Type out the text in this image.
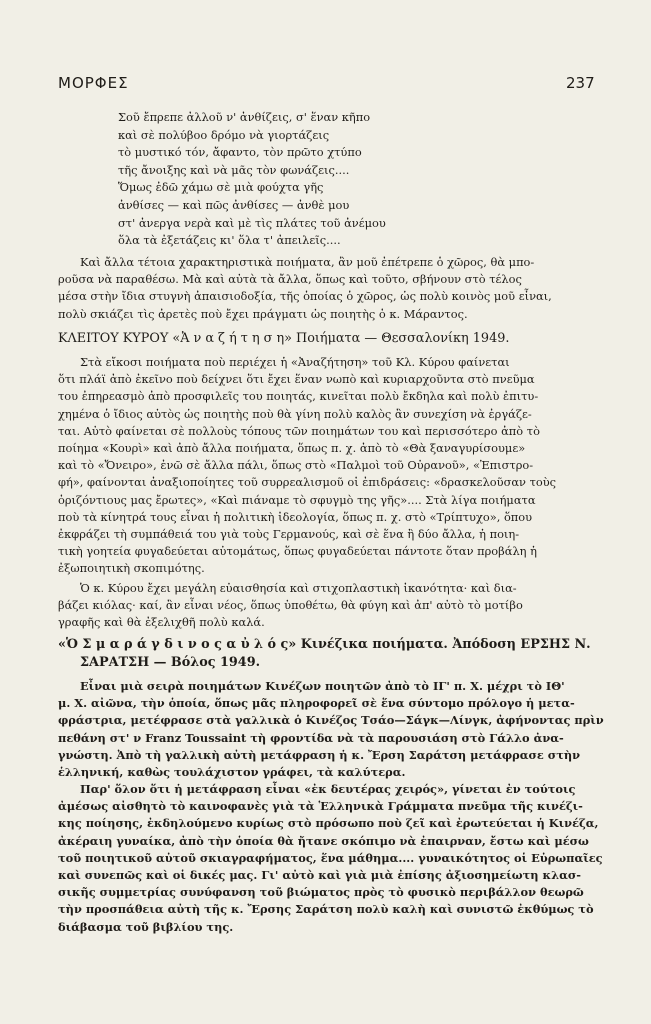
ΜΟΡΦΕΣ	237
Σοῦ ἔπρεπε ἀλλοῦ ν' ἀνθίζεις, σ' ἕναν κῆπο
καὶ σὲ πολύβοο δρόμο νὰ γιορτάζεις
τὸ μυστικό τόν, ἄφαντο, τὸν πρῶτο χτύπο
τῆς ἄνοιξης καὶ νὰ μᾶς τὸν φωνάζεις....
Ὅμως ἐδῶ χάμω σὲ μιὰ φούχτα γῆς
ἀνθίσες — καὶ πῶς ἀνθίσες — ἀνθὲ μου
στ' ἀνεργα νερὰ καὶ μὲ τὶς πλάτες τοῦ ἀνέμου
ὅλα τὰ ἐξετάζεις κι' ὅλα τ' ἀπειλεῖς....
Καὶ ἄλλα τέτοια χαρακτηριστικὰ ποιήματα, ἂν μοῦ ἐπέτρεπε ὁ χῶρος, θὰ μπο-
ροῦσα νὰ παραθέσω. Μὰ καὶ αὐτὰ τὰ ἄλλα, ὅπως καὶ τοῦτο, σβήνουν στὸ τέλος
μέσα στὴν ἴδια στυγνὴ ἀπαισιοδοξία, τῆς ὁποίας ὁ χῶρος, ὡς πολὺ κοινὸς μοῦ εἶναι,
πολὺ σκιάζει τὶς ἀρετὲς ποὺ ἔχει πράγματι ὡς ποιητὴς ὁ κ. Μάραντος.
ΚΛΕΙΤΟΥ ΚΥΡΟΥ «Ἀ ν α ζ ή τ η σ η» Ποιήματα — Θεσσαλονίκη 1949.
Στὰ εἴκοσι ποιήματα ποὺ περιέχει ἡ «Ἀναζήτηση» τοῦ Κλ. Κύρου φαίνεται
ὅτι πλάϊ ἀπὸ ἐκεῖνο ποὺ δείχνει ὅτι ἔχει ἕναν νωπὸ καὶ κυριαρχοῦντα στὸ πνεῦμα
του ἐπηρεασμὸ ἀπὸ προσφιλεῖς του ποιητάς, κινεῖται πολὺ ἔκδηλα καὶ πολὺ ἐπιτυ-
χημένα ὁ ἴδιος αὐτὸς ὡς ποιητὴς ποὺ θὰ γίνη πολὺ καλὸς ἂν συνεχίση νὰ ἐργάζε-
ται. Αὐτὸ φαίνεται σὲ πολλοὺς τόπους τῶν ποιημάτων του καὶ περισσότερο ἀπὸ τὸ
ποίημα «Κουρὶ» καὶ ἀπὸ ἄλλα ποιήματα, ὅπως π. χ. ἀπὸ τὸ «Θὰ ξαναγυρίσουμε»
καὶ τὸ «Ὄνειρο», ἐνῶ σὲ ἄλλα πάλι, ὅπως στὸ «Παλμοὶ τοῦ Οὐρανοῦ», «Ἐπιστρο-
φή», φαίνονται ἀναξιοποίητες τοῦ συρρεαλισμοῦ οἱ ἐπιδράσεις: «δρασκελοῦσαν τοὺς
ὁριζόντιους μας ἔρωτες», «Καὶ πιάναμε τὸ σφυγμὸ της γῆς».... Στὰ λίγα ποιήματα
ποὺ τὰ κίνητρά τους εἶναι ἡ πολιτικὴ ἰδεολογία, ὅπως π. χ. στὸ «Τρίπτυχο», ὅπου
ἐκφράζει τὴ συμπάθειά του γιὰ τοὺς Γερμανούς, καὶ σὲ ἕνα ἢ δύο ἄλλα, ἡ ποιη-
τικὴ γοητεία φυγαδεύεται αὐτομάτως, ὅπως φυγαδεύεται πάντοτε ὅταν προβάλη ἡ
ἐξωποιητικὴ σκοπιμότης.
Ὁ κ. Κύρου ἔχει μεγάλη εὐαισθησία καὶ στιχοπλαστικὴ ἱκανότητα· καὶ δια-
βάζει κιόλας· καί, ἂν εἶναι νέος, ὅπως ὑποθέτω, θὰ φύγη καὶ ἀπ' αὐτὸ τὸ μοτίβο
γραφῆς καὶ θὰ ἐξελιχθῆ πολὺ καλά.
«Ὁ Σ μ α ρ ά γ δ ι ν ο ς α ὐ λ ό ς» Κινέζικα ποιήματα. Ἀπόδοση ΕΡΣΗΣ Ν.
ΣΑΡΑΤΣΗ — Βόλος 1949.
Εἶναι μιὰ σειρὰ ποιημάτων Κινέζων ποιητῶν ἀπὸ τὸ ΙΓ' π. Χ. μέχρι τὸ ΙΘ'
μ. Χ. αἰῶνα, τὴν ὁποία, ὅπως μᾶς πληροφορεῖ σὲ ἕνα σύντομο πρόλογο ἡ μετα-
φράστρια, μετέφρασε στὰ γαλλικὰ ὁ Κινέζος Τσάο—Σάγκ—Λίνγκ, ἀφήνοντας πρὶν
πεθάνη στ' ν Franz Toussaint τὴ φροντίδα νὰ τὰ παρουσιάση στὸ Γάλλο ἀνα-
γνώστη. Ἀπὸ τὴ γαλλικὴ αὐτὴ μετάφραση ἡ κ. Ἔρση Σαράτση μετάφρασε στὴν
ἑλληνική, καθὼς τουλάχιστον γράφει, τὰ καλύτερα.
Παρ' ὅλον ὅτι ἡ μετάφραση εἶναι «ἐκ δευτέρας χειρός», γίνεται ἐν τούτοις
ἀμέσως αἰσθητὸ τὸ καινοφανὲς γιὰ τὰ Ἑλληνικὰ Γράμματα πνεῦμα τῆς κινέζι-
κης ποίησης, ἐκδηλούμενο κυρίως στὸ πρόσωπο ποὺ ζεῖ καὶ ἐρωτεύεται ἡ Κινέζα,
ἀκέραιη γυναίκα, ἀπὸ τὴν ὁποία θὰ ἤτανε σκόπιμο νὰ ἐπαιρναν, ἔστω καὶ μέσω
τοῦ ποιητικοῦ αὐτοῦ σκιαγραφήματος, ἕνα μάθημα.... γυναικότητος οἱ Εὐρωπαῖες
καὶ συνεπῶς καὶ οἱ δικές μας. Γι' αὐτὸ καὶ γιὰ μιὰ ἐπίσης ἀξιοσημείωτη κλασ-
σικῆς συμμετρίας συνύφανση τοῦ βιώματος πρὸς τὸ φυσικὸ περιβάλλον θεωρῶ
τὴν προσπάθεια αὐτὴ τῆς κ. Ἔρσης Σαράτση πολὺ καλὴ καὶ συνιστῶ ἐκθύμως τὸ
διάβασμα τοῦ βιβλίου της.
